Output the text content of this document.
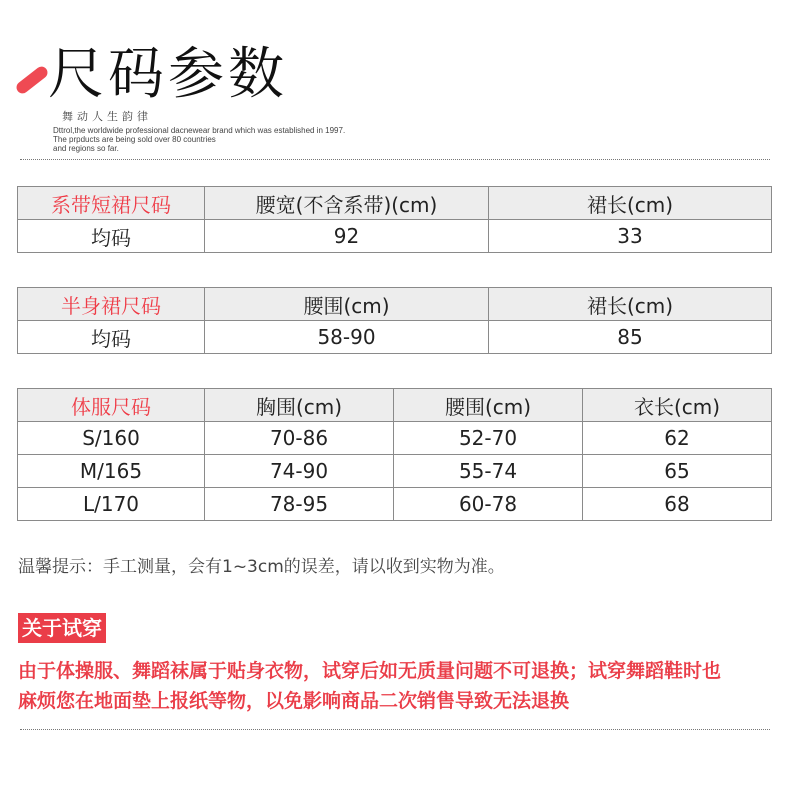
尺码参数
舞动人生韵律
Dttrol,the worldwide professional dacnewear brand which was established in 1997.
The prpducts are being sold over 80 countries
and regions so far.
系带短裙尺码	腰宽(不含系带)(cm)	裙长(cm)
均码	92	33
半身裙尺码	腰围(cm)	裙长(cm)
均码	58-90	85
体服尺码	胸围(cm)	腰围(cm)	衣长(cm)
S/160	70-86	52-70	62
M/165	74-90	55-74	65
L/170	78-95	60-78	68
温馨提示：手工测量，会有1~3cm的误差，请以收到实物为准。
关于试穿
由于体操服、舞蹈袜属于贴身衣物，试穿后如无质量问题不可退换；试穿舞蹈鞋时也
麻烦您在地面垫上报纸等物，以免影响商品二次销售导致无法退换
